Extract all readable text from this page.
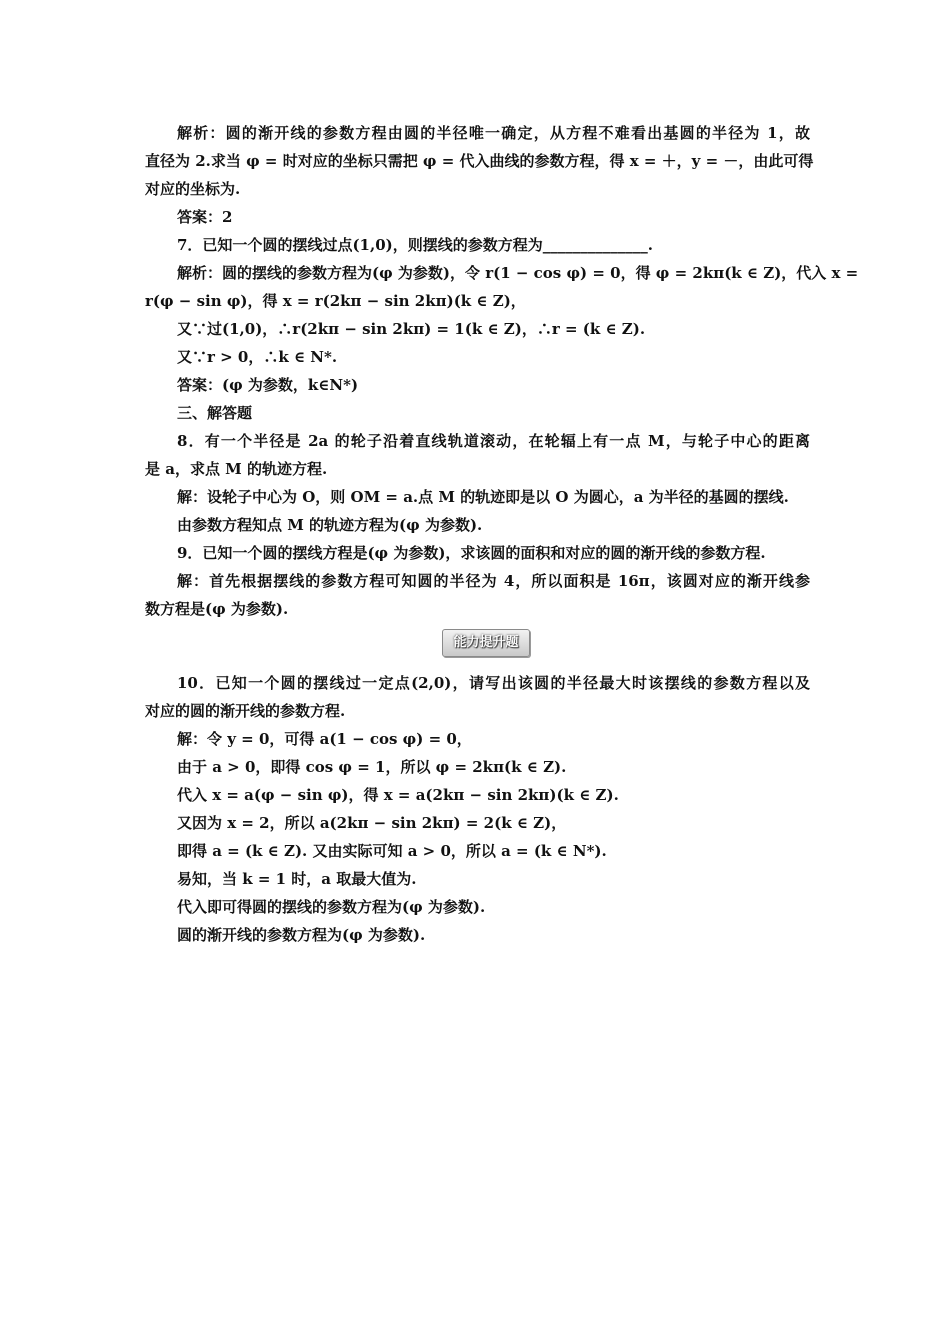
解析：圆的渐开线的参数方程由圆的半径唯一确定，从方程不难看出基圆的半径为 1，故
直径为 2.求当 φ = 时对应的坐标只需把 φ = 代入曲线的参数方程，得 x = ＋，y = －，由此可得
对应的坐标为.
答案：2
7．已知一个圆的摆线过点(1,0)，则摆线的参数方程为______________.
解析：圆的摆线的参数方程为(φ 为参数)，令 r(1 − cos φ) = 0，得 φ = 2kπ(k ∈ Z)，代入 x =
r(φ − sin φ)，得 x = r(2kπ − sin 2kπ)(k ∈ Z)，
又∵过(1,0)，∴r(2kπ − sin 2kπ) = 1(k ∈ Z)，∴r = (k ∈ Z).
又∵r > 0，∴k ∈ N*.
答案：(φ 为参数，k∈N*)
三、解答题
8．有一个半径是 2a 的轮子沿着直线轨道滚动，在轮辐上有一点 M，与轮子中心的距离
是 a，求点 M 的轨迹方程.
解：设轮子中心为 O，则 OM = a.点 M 的轨迹即是以 O 为圆心，a 为半径的基圆的摆线.
由参数方程知点 M 的轨迹方程为(φ 为参数).
9．已知一个圆的摆线方程是(φ 为参数)，求该圆的面积和对应的圆的渐开线的参数方程.
解：首先根据摆线的参数方程可知圆的半径为 4，所以面积是 16π，该圆对应的渐开线参
数方程是(φ 为参数).
能力提升题
10．已知一个圆的摆线过一定点(2,0)，请写出该圆的半径最大时该摆线的参数方程以及
对应的圆的渐开线的参数方程.
解：令 y = 0，可得 a(1 − cos φ) = 0，
由于 a > 0，即得 cos φ = 1，所以 φ = 2kπ(k ∈ Z).
代入 x = a(φ − sin φ)，得 x = a(2kπ − sin 2kπ)(k ∈ Z).
又因为 x = 2，所以 a(2kπ − sin 2kπ) = 2(k ∈ Z)，
即得 a = (k ∈ Z). 又由实际可知 a > 0，所以 a = (k ∈ N*).
易知，当 k = 1 时，a 取最大值为.
代入即可得圆的摆线的参数方程为(φ 为参数).
圆的渐开线的参数方程为(φ 为参数).
